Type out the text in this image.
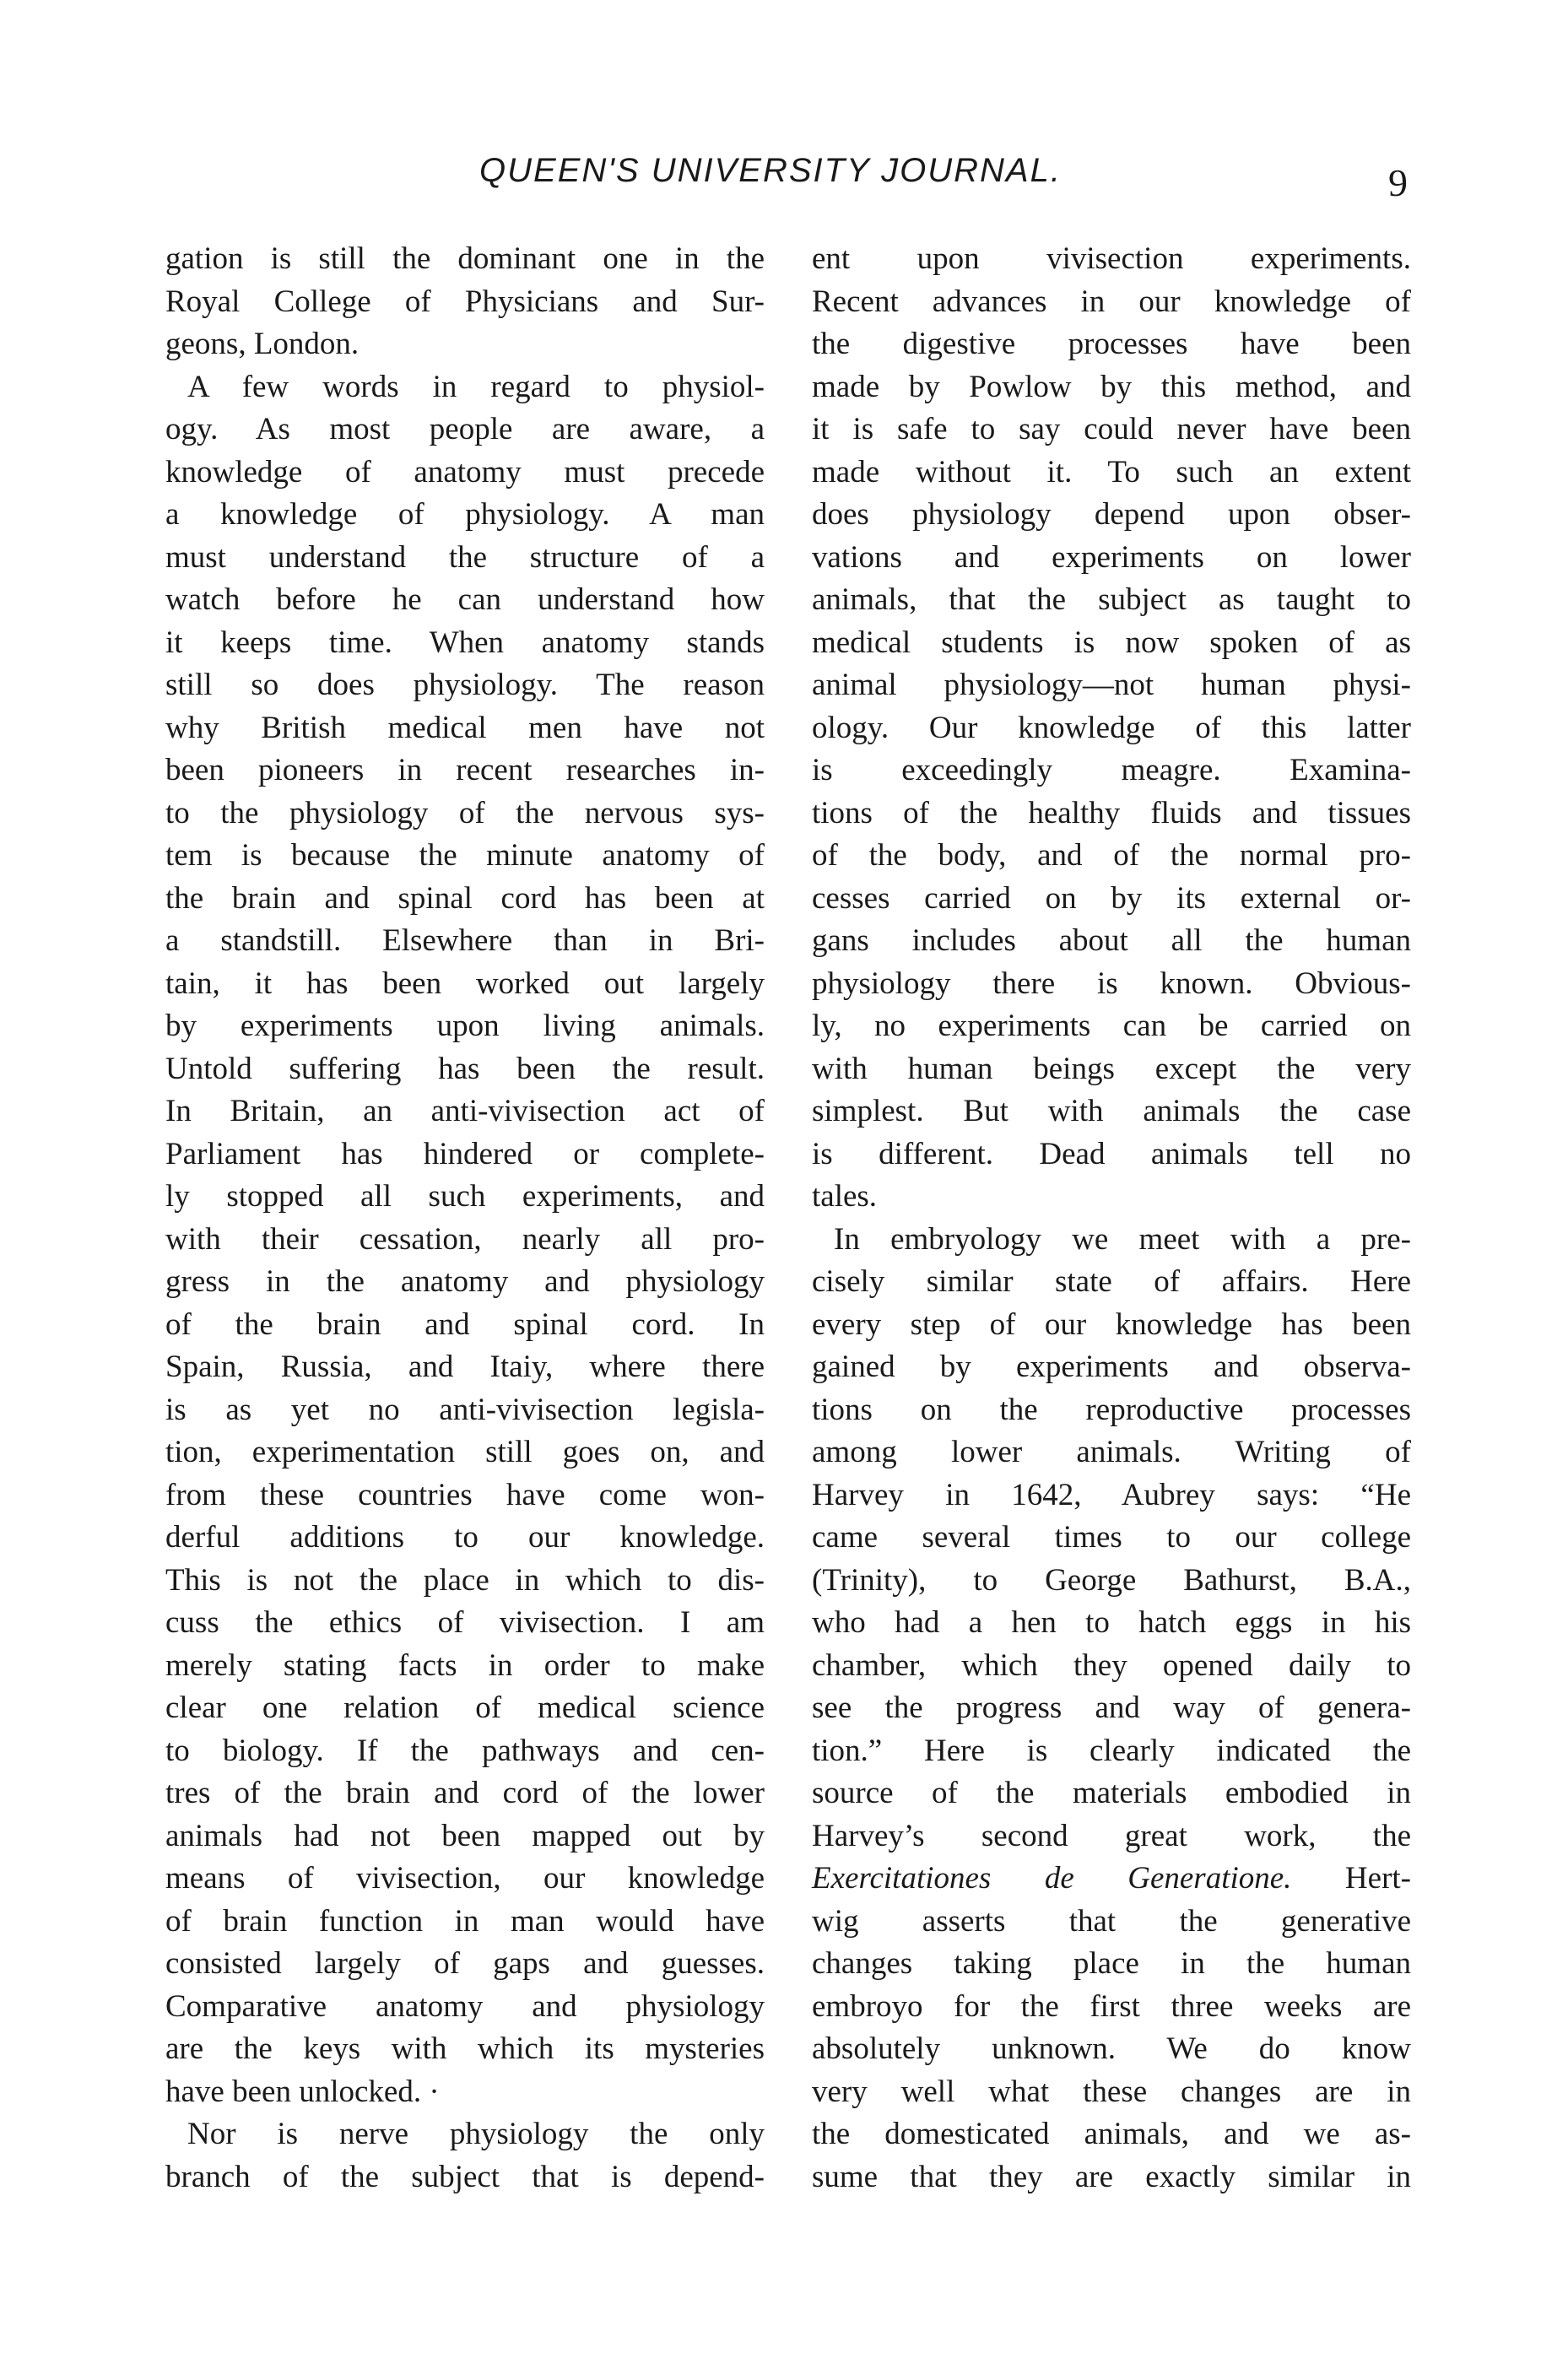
QUEEN'S UNIVERSITY JOURNAL.	9
gation is still the dominant one in the
Royal College of Physicians and Sur-
geons, London.
A few words in regard to physiol-
ogy. As most people are aware, a
knowledge of anatomy must precede
a knowledge of physiology. A man
must understand the structure of a
watch before he can understand how
it keeps time. When anatomy stands
still so does physiology. The reason
why British medical men have not
been pioneers in recent researches in-
to the physiology of the nervous sys-
tem is because the minute anatomy of
the brain and spinal cord has been at
a standstill. Elsewhere than in Bri-
tain, it has been worked out largely
by experiments upon living animals.
Untold suffering has been the result.
In Britain, an anti-vivisection act of
Parliament has hindered or complete-
ly stopped all such experiments, and
with their cessation, nearly all pro-
gress in the anatomy and physiology
of the brain and spinal cord. In
Spain, Russia, and Itaiy, where there
is as yet no anti-vivisection legisla-
tion, experimentation still goes on, and
from these countries have come won-
derful additions to our knowledge.
This is not the place in which to dis-
cuss the ethics of vivisection. I am
merely stating facts in order to make
clear one relation of medical science
to biology. If the pathways and cen-
tres of the brain and cord of the lower
animals had not been mapped out by
means of vivisection, our knowledge
of brain function in man would have
consisted largely of gaps and guesses.
Comparative anatomy and physiology
are the keys with which its mysteries
have been unlocked. ·
Nor is nerve physiology the only
branch of the subject that is depend-
ent upon vivisection experiments.
Recent advances in our knowledge of
the digestive processes have been
made by Powlow by this method, and
it is safe to say could never have been
made without it. To such an extent
does physiology depend upon obser-
vations and experiments on lower
animals, that the subject as taught to
medical students is now spoken of as
animal physiology—not human physi-
ology. Our knowledge of this latter
is exceedingly meagre. Examina-
tions of the healthy fluids and tissues
of the body, and of the normal pro-
cesses carried on by its external or-
gans includes about all the human
physiology there is known. Obvious-
ly, no experiments can be carried on
with human beings except the very
simplest. But with animals the case
is different. Dead animals tell no
tales.
In embryology we meet with a pre-
cisely similar state of affairs. Here
every step of our knowledge has been
gained by experiments and observa-
tions on the reproductive processes
among lower animals. Writing of
Harvey in 1642, Aubrey says: “He
came several times to our college
(Trinity), to George Bathurst, B.A.,
who had a hen to hatch eggs in his
chamber, which they opened daily to
see the progress and way of genera-
tion.” Here is clearly indicated the
source of the materials embodied in
Harvey’s second great work, the
Exercitationes de Generatione. Hert-
wig asserts that the generative
changes taking place in the human
embroyo for the first three weeks are
absolutely unknown. We do know
very well what these changes are in
the domesticated animals, and we as-
sume that they are exactly similar in
